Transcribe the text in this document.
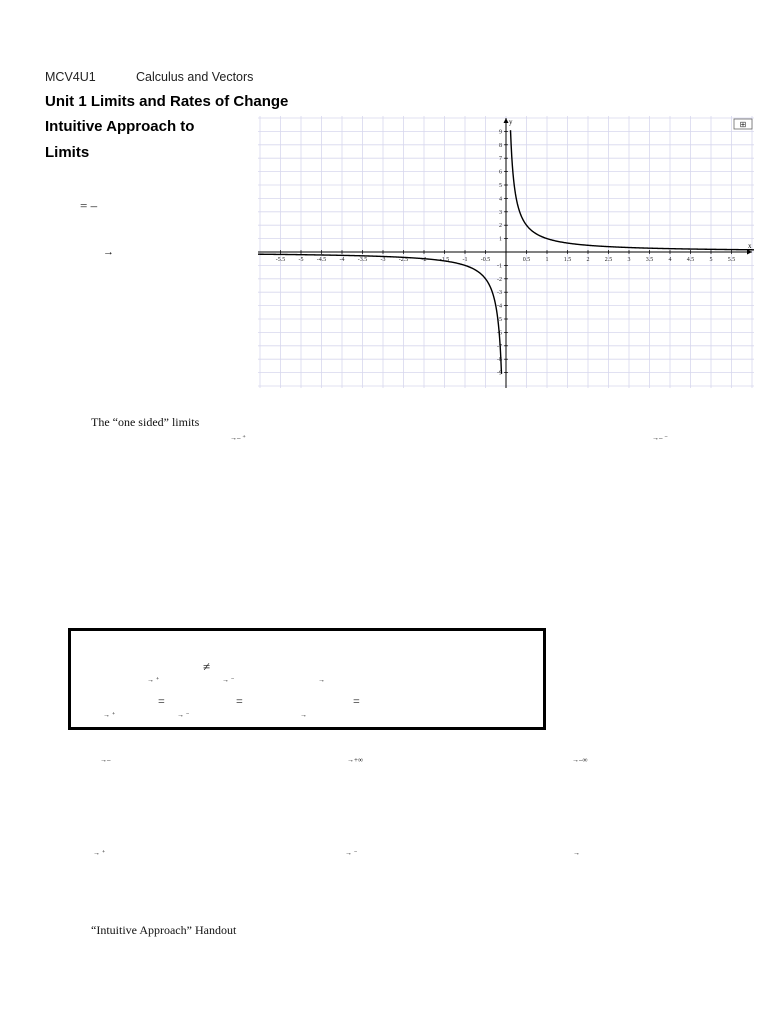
MCV4U1	Calculus and Vectors
Unit 1 Limits and Rates of Change
Intuitive Approach to
Limits
= –
→
-5.5 -5 -4.5 -4 -3.5 -3 -2.5 -2 -1.5 -1 -0.5	0.5	1	1.5	2	2.5	3	3.5	4	4.5	5	5.5
9
8
7
6
5
4
3
2
1
-1
-2
-3
-4
-5
-6
-7
-8
-9
x
y	⊞
The “one sided” limits
→– ⁺	→– ⁻
≠
→ ⁺	→ ⁻	→
=	=	=
→ ⁺	→ ⁻	→
→–	→+∞	→–∞
→ ⁺	→ ⁻	→
“Intuitive Approach” Handout
